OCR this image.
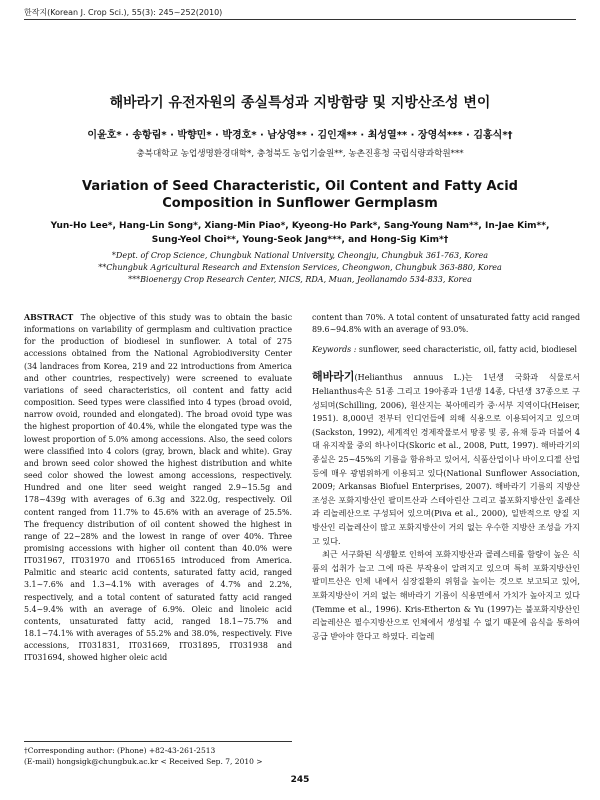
한작지(Korean J. Crop Sci.), 55(3): 245~252(2010)
해바라기 유전자원의 종실특성과 지방함량 및 지방산조성 변이
이윤호* · 송항림* · 박향민* · 박경호* · 남상영** · 김인재** · 최성열** · 장영석*** · 김홍식*†
충북대학교 농업생명환경대학*, 충청북도 농업기술원**, 농촌진흥청 국립식량과학원***
Variation of Seed Characteristic, Oil Content and Fatty Acid Composition in Sunflower Germplasm
Yun-Ho Lee*, Hang-Lin Song*, Xiang-Min Piao*, Kyeong-Ho Park*, Sang-Young Nam**, In-Jae Kim**, Sung-Yeol Choi**, Young-Seok Jang***, and Hong-Sig Kim*†
*Dept. of Crop Science, Chungbuk National University, Cheongju, Chungbuk 361-763, Korea
**Chungbuk Agricultural Research and Extension Services, Cheongwon, Chungbuk 363-880, Korea
***Bioenergy Crop Research Center, NICS, RDA, Muan, Jeollanamdo 534-833, Korea

ABSTRACT The objective of this study was to obtain the basic informations on variability of germplasm and cultivation practice for the production of biodiesel in sunflower. A total of 275 accessions obtained from the National Agrobiodiversity Center (34 landraces from Korea, 219 and 22 introductions from America and other countries, respectively) were screened to evaluate variations of seed characteristics, oil content and fatty acid composition. Seed types were classified into 4 types (broad ovoid, narrow ovoid, rounded and elongated). The broad ovoid type was the highest proportion of 40.4%, while the elongated type was the lowest proportion of 5.0% among accessions. Also, the seed colors were classified into 4 colors (gray, brown, black and white). Gray and brown seed color showed the highest distribution and white seed color showed the lowest among accessions, respectively. Hundred and one liter seed weight ranged 2.9~15.5g and 178~439g with averages of 6.3g and 322.0g, respectively. Oil content ranged from 11.7% to 45.6% with an average of 25.5%. The frequency distribution of oil content showed the highest in range of 22~28% and the lowest in range of over 40%. Three promising accessions with higher oil content than 40.0% were IT031967, IT031970 and IT065165 introduced from America. Palmitic and stearic acid contents, saturated fatty acid, ranged 3.1~7.6% and 1.3~4.1% with averages of 4.7% and 2.2%, respectively, and a total content of saturated fatty acid ranged 5.4~9.4% with an average of 6.9%. Oleic and linoleic acid contents, unsaturated fatty acid, ranged 18.1~75.7% and 18.1~74.1% with averages of 55.2% and 38.0%, respectively. Five accessions, IT031831, IT031669, IT031895, IT031938 and IT031694, showed higher oleic acid

content than 70%. A total content of unsaturated fatty acid ranged 89.6~94.8% with an average of 93.0%.

Keywords : sunflower, seed characteristic, oil, fatty acid, biodiesel

해바라기(Helianthus annuus L.)는 1년생 국화과 식물로서 Helianthus속은 51종 그리고 19아종과 1년생 14종, 다년생 37종으로 구성되며(Schilling, 2006), 원산지는 북아메리카 중·서부 지역이다(Heiser, 1951). 8,000년 전부터 인디언들에 의해 식용으로 이용되어지고 있으며(Sackston, 1992), 세계적인 경제작물로서 땅콩 및 콩, 유채 등과 더불어 4대 유지작물 중의 하나이다(Skoric et al., 2008, Putt, 1997). 해바라기의 종실은 25~45%의 기름을 함유하고 있어서, 식품산업이나 바이오디젤 산업 등에 매우 광범위하게 이용되고 있다(National Sunflower Association, 2009; Arkansas Biofuel Enterprises, 2007). 해바라기 기름의 지방산 조성은 포화지방산인 팔미트산과 스테아린산 그리고 불포화지방산인 올레산과 리놀레산으로 구성되어 있으며(Piva et al., 2000), 일반적으로 양질 지방산인 리놀레산이 많고 포화지방산이 거의 없는 우수한 지방산 조성을 가지고 있다.

최근 서구화된 식생활로 인하여 포화지방산과 콜레스테롤 함량이 높은 식품의 섭취가 늘고 그에 따른 부작용이 알려지고 있으며 특히 포화지방산인 팔미트산은 인체 내에서 심장질환의 위험을 높이는 것으로 보고되고 있어, 포화지방산이 거의 없는 해바라기 기름이 식용면에서 가치가 높아지고 있다(Temme et al., 1996). Kris-Etherton & Yu (1997)는 불포화지방산인 리놀레산은 필수지방산으로 인체에서 생성될 수 없기 때문에 음식을 통하여 공급 받아야 한다고 하였다. 리놀레

†Corresponding author: (Phone) +82-43-261-2513
(E-mail) hongsigk@chungbuk.ac.kr < Received Sep. 7, 2010 >
245
